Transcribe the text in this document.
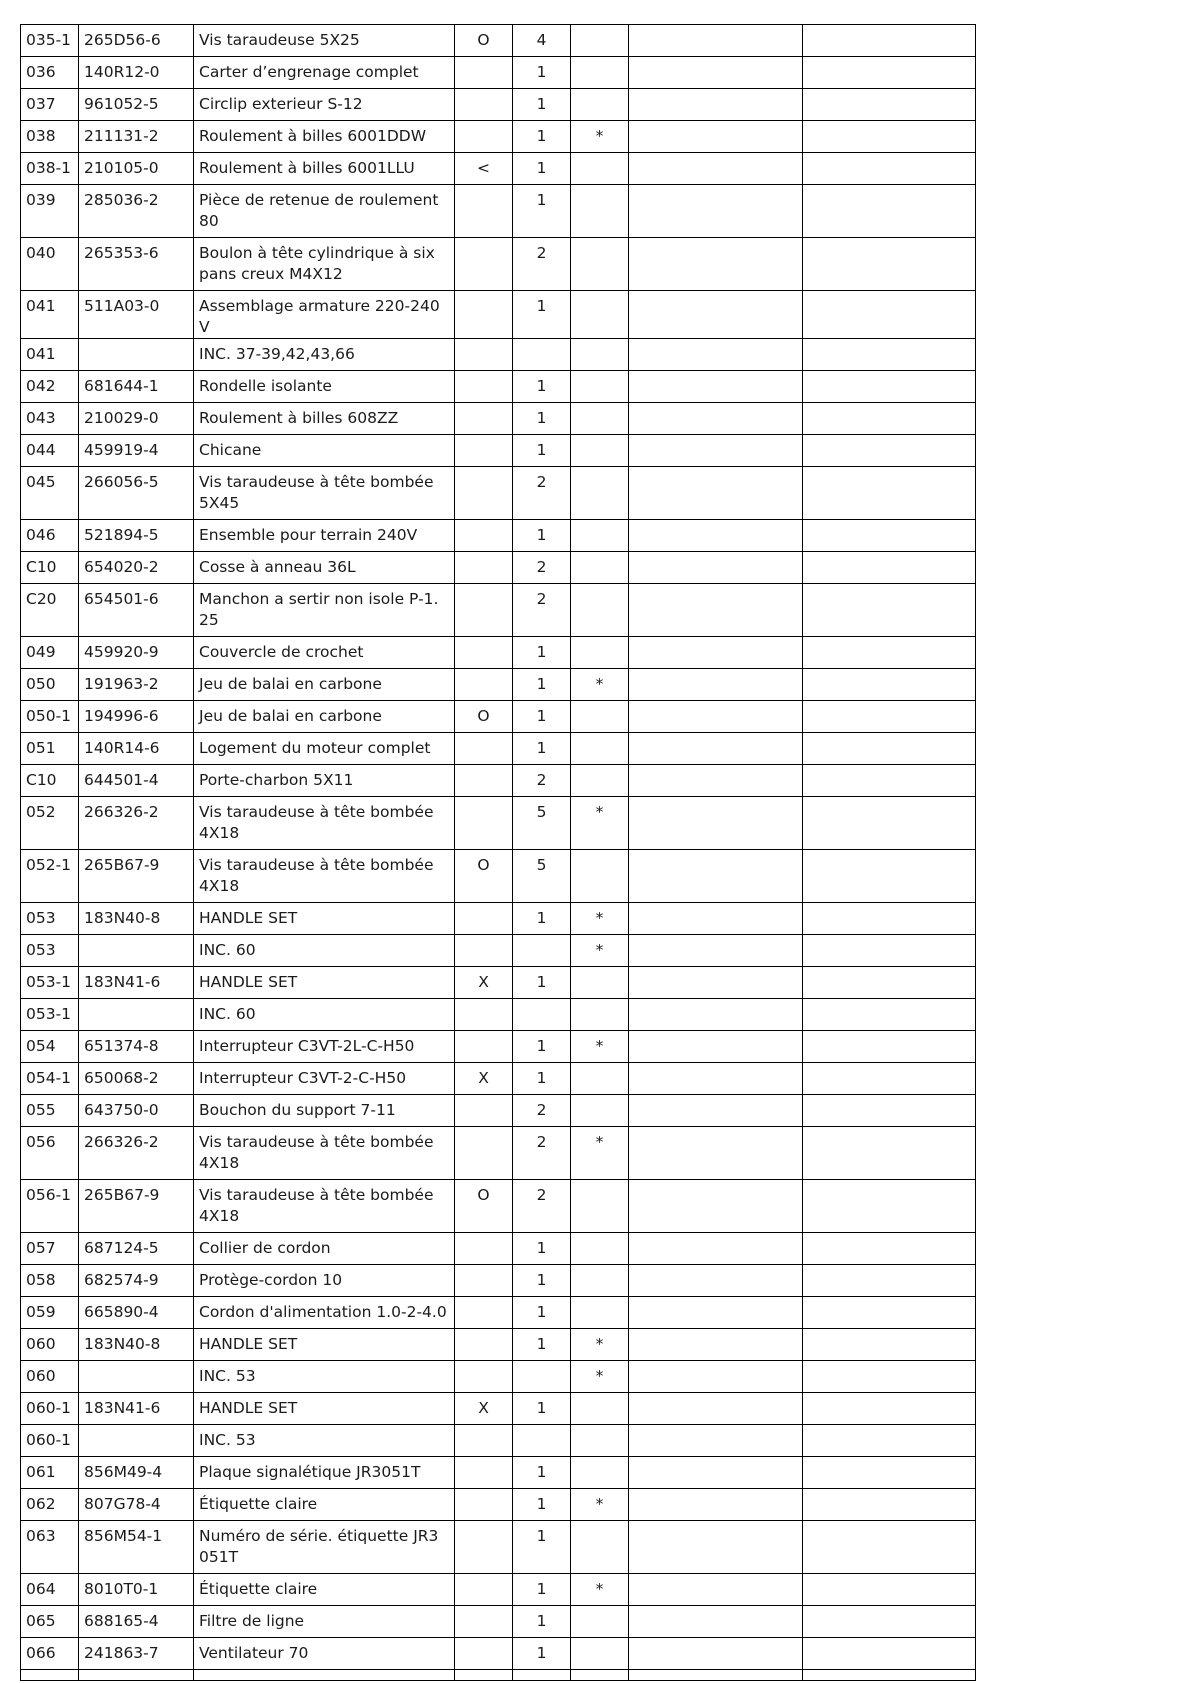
035-1	265D56-6	Vis taraudeuse 5X25	O	4			
036	140R12-0	Carter d’engrenage complet		1			
037	961052-5	Circlip exterieur S-12		1			
038	211131-2	Roulement à billes 6001DDW		1	*		
038-1	210105-0	Roulement à billes 6001LLU	<	1			
039	285036-2	Pièce de retenue de roulement 80		1			
040	265353-6	Boulon à tête cylindrique à six pans creux M4X12		2			
041	511A03-0	Assemblage armature 220-240V		1			
041		INC. 37-39,42,43,66					
042	681644-1	Rondelle isolante		1			
043	210029-0	Roulement à billes 608ZZ		1			
044	459919-4	Chicane		1			
045	266056-5	Vis taraudeuse à tête bombée 5X45		2			
046	521894-5	Ensemble pour terrain 240V		1			
C10	654020-2	Cosse à anneau 36L		2			
C20	654501-6	Manchon a sertir non isole P-1.25		2			
049	459920-9	Couvercle de crochet		1			
050	191963-2	Jeu de balai en carbone		1	*		
050-1	194996-6	Jeu de balai en carbone	O	1			
051	140R14-6	Logement du moteur complet		1			
C10	644501-4	Porte-charbon 5X11		2			
052	266326-2	Vis taraudeuse à tête bombée 4X18		5	*		
052-1	265B67-9	Vis taraudeuse à tête bombée 4X18	O	5			
053	183N40-8	HANDLE SET		1	*		
053		INC. 60			*		
053-1	183N41-6	HANDLE SET	X	1			
053-1		INC. 60					
054	651374-8	Interrupteur C3VT-2L-C-H50		1	*		
054-1	650068-2	Interrupteur C3VT-2-C-H50	X	1			
055	643750-0	Bouchon du support 7-11		2			
056	266326-2	Vis taraudeuse à tête bombée 4X18		2	*		
056-1	265B67-9	Vis taraudeuse à tête bombée 4X18	O	2			
057	687124-5	Collier de cordon		1			
058	682574-9	Protège-cordon 10		1			
059	665890-4	Cordon d'alimentation 1.0-2-4.0		1			
060	183N40-8	HANDLE SET		1	*		
060		INC. 53			*		
060-1	183N41-6	HANDLE SET	X	1			
060-1		INC. 53					
061	856M49-4	Plaque signalétique JR3051T		1			
062	807G78-4	Étiquette claire		1	*		
063	856M54-1	Numéro de série. étiquette JR3051T		1			
064	8010T0-1	Étiquette claire		1	*		
065	688165-4	Filtre de ligne		1			
066	241863-7	Ventilateur 70		1			
